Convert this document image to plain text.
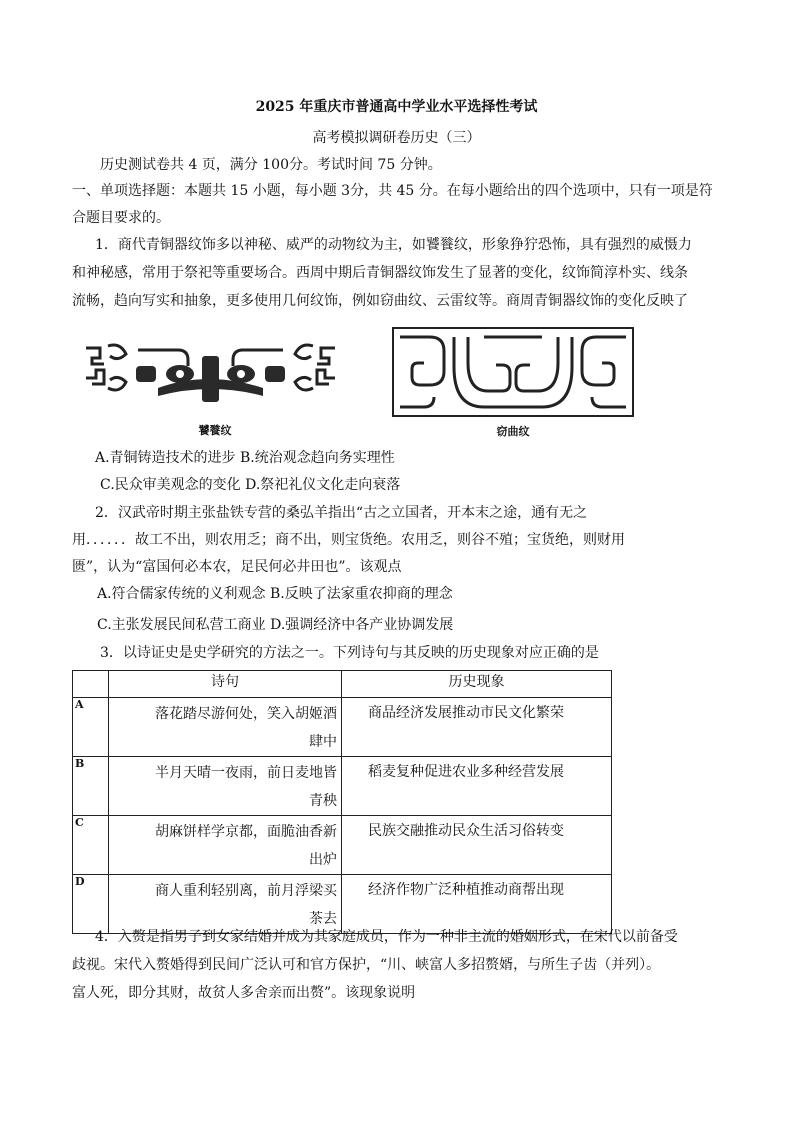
2025 年重庆市普通高中学业水平选择性考试
高考模拟调研卷历史（三）
历史测试卷共 4 页，满分 100分。考试时间 75 分钟。
一、单项选择题：本题共 15 小题，每小题 3分，共 45 分。在每小题给出的四个选项中，只有一项是符
合题目要求的。
1．商代青铜器纹饰多以神秘、威严的动物纹为主，如饕餮纹，形象狰狞恐怖，具有强烈的威慑力
和神秘感，常用于祭祀等重要场合。西周中期后青铜器纹饰发生了显著的变化，纹饰简淳朴实、线条
流畅，趋向写实和抽象，更多使用几何纹饰，例如窃曲纹、云雷纹等。商周青铜器纹饰的变化反映了
饕餮纹	窃曲纹
A.青铜铸造技术的进步 B.统治观念趋向务实理性
C.民众审美观念的变化 D.祭祀礼仪文化走向衰落
2．汉武帝时期主张盐铁专营的桑弘羊指出“古之立国者，开本末之途，通有无之
用．．．．．．故工不出，则农用乏；商不出，则宝货绝。农用乏，则谷不殖；宝货绝，则财用
匮”，认为“富国何必本农，足民何必井田也”。该观点
A.符合儒家传统的义利观念 B.反映了法家重农抑商的理念
C.主张发展民间私营工商业 D.强调经济中各产业协调发展
3．以诗证史是史学研究的方法之一。下列诗句与其反映的历史现象对应正确的是
	诗句	历史现象
A	落花踏尽游何处，笑入胡姬酒肆中	商品经济发展推动市民文化繁荣

B	半月天晴一夜雨，前日麦地皆青秧	稻麦复种促进农业多种经营发展

C	胡麻饼样学京都，面脆油香新出炉	民族交融推动民众生活习俗转变

D	商人重利轻别离，前月浮梁买茶去	经济作物广泛种植推动商帮出现
4．入赘是指男子到女家结婚并成为其家庭成员，作为一种非主流的婚姻形式，在宋代以前备受
歧视。宋代入赘婚得到民间广泛认可和官方保护，“川、峡富人多招赘婿，与所生子齿（并列）。
富人死，即分其财，故贫人多舍亲而出赘”。该现象说明
